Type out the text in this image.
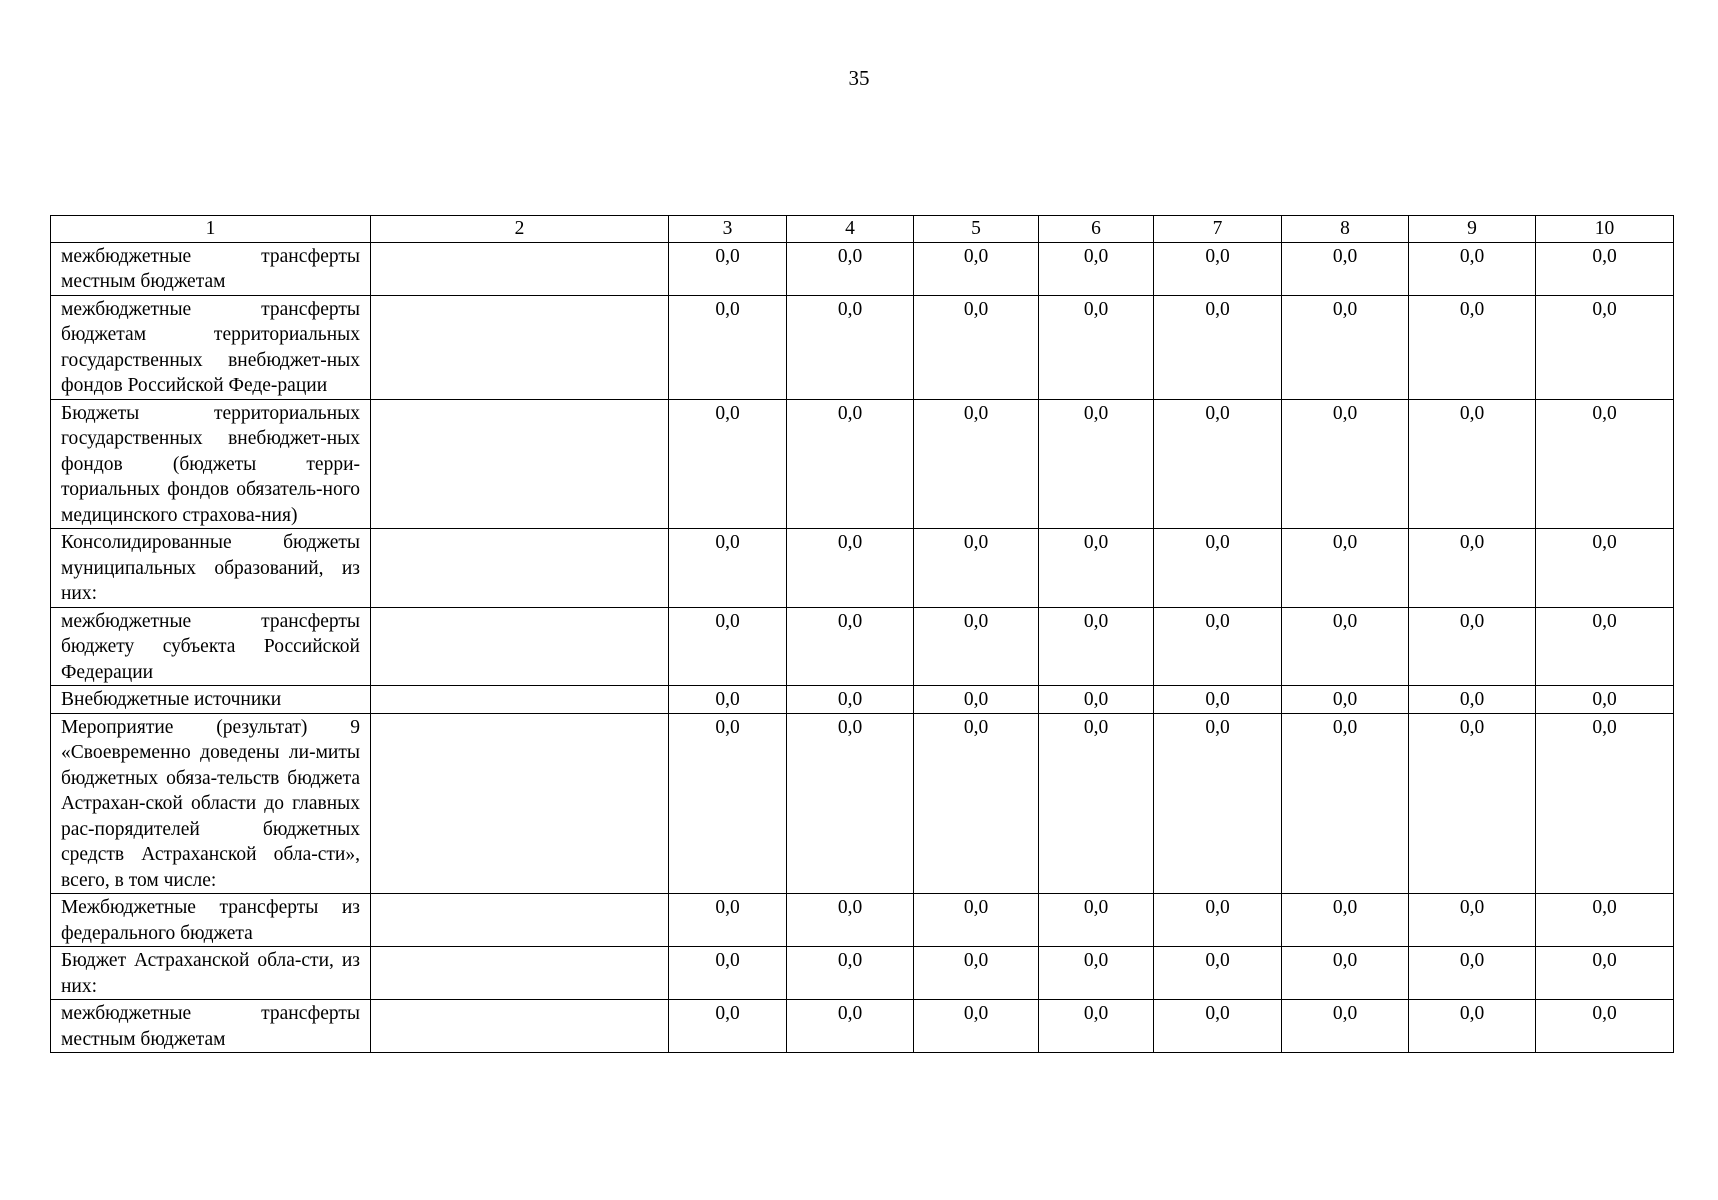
35
1	2	3	4	5	6	7	8	9	10
межбюджетные трансферты местным бюджетам		0,0	0,0	0,0	0,0	0,0	0,0	0,0	0,0
межбюджетные трансферты бюджетам территориальных государственных внебюджет-ных фондов Российской Феде-рации		0,0	0,0	0,0	0,0	0,0	0,0	0,0	0,0
Бюджеты территориальных государственных внебюджет-ных фондов (бюджеты терри-ториальных фондов обязатель-ного медицинского страхова-ния)		0,0	0,0	0,0	0,0	0,0	0,0	0,0	0,0
Консолидированные бюджеты муниципальных образований, из них:		0,0	0,0	0,0	0,0	0,0	0,0	0,0	0,0
межбюджетные трансферты бюджету субъекта Российской Федерации		0,0	0,0	0,0	0,0	0,0	0,0	0,0	0,0
Внебюджетные источники		0,0	0,0	0,0	0,0	0,0	0,0	0,0	0,0
Мероприятие (результат) 9 «Своевременно доведены ли-миты бюджетных обяза-тельств бюджета Астрахан-ской области до главных рас-порядителей бюджетных средств Астраханской обла-сти», всего, в том числе:		0,0	0,0	0,0	0,0	0,0	0,0	0,0	0,0
Межбюджетные трансферты из федерального бюджета		0,0	0,0	0,0	0,0	0,0	0,0	0,0	0,0
Бюджет Астраханской обла-сти, из них:		0,0	0,0	0,0	0,0	0,0	0,0	0,0	0,0
межбюджетные трансферты местным бюджетам		0,0	0,0	0,0	0,0	0,0	0,0	0,0	0,0
